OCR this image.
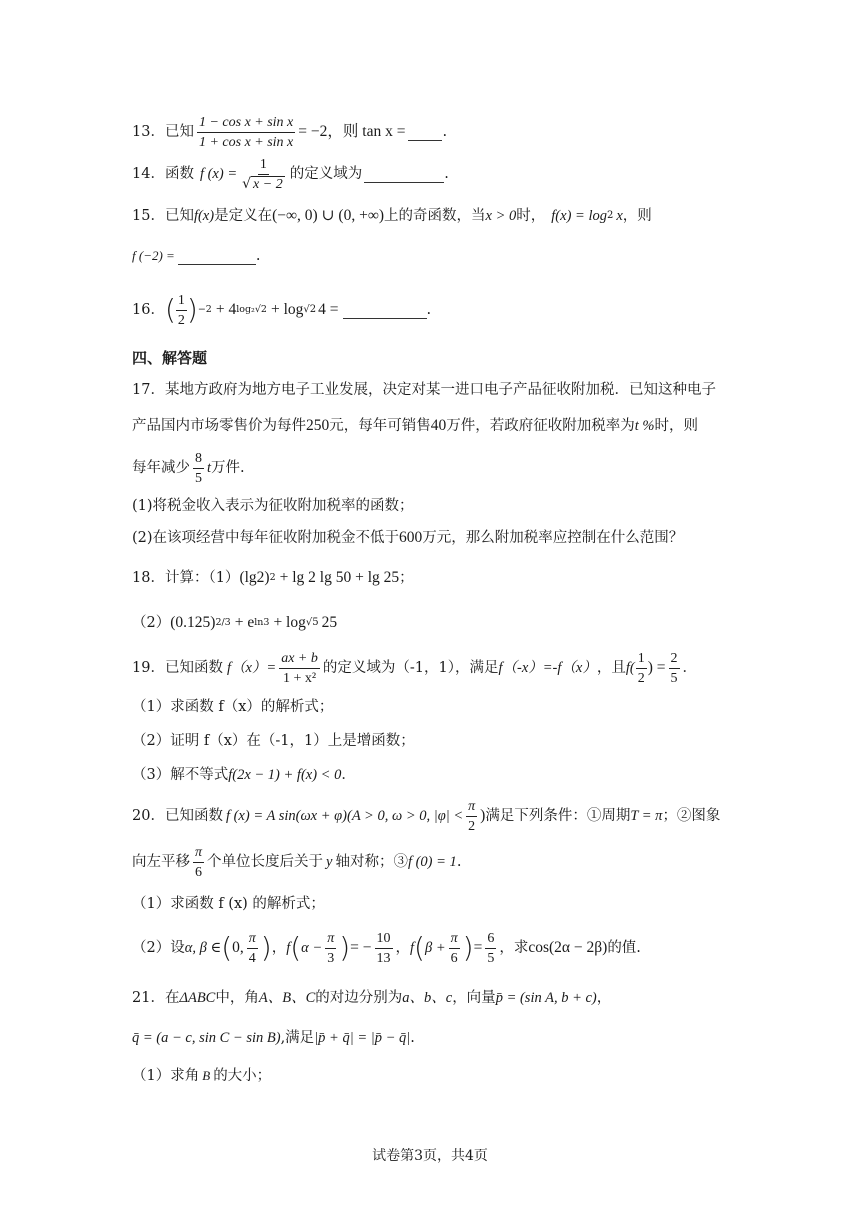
13． 已知 $\frac{\text{1 − cos x + sin x}}{\text{1 + cos x + sin x}} = -2$ ，则 tan x =	.
14． 函数 f $(x) = \frac{1}{√ x - 2}$ 的定义域为	.
15． 已知 f(x) 是定义在 (−∞, 0) ∪ (0, +∞) 上的奇函数，当 x > 0 时， f(x) = log 2 x ，则
f (−2) =	.
16． ( $\frac{1}{2}$ ) −2 + 4 log₂√2 + log √2 4 =	.
四、解答题
17．某地方政府为地方电子工业发展，决定对某一进口电子产品征收附加税．已知这种电子
产品国内市场零售价为每件 250 元，每年可销售 40 万件，若政府征收附加税率为 t % 时，则
每年减少 $\frac{8}{5}$ t 万件.
(1)将税金收入表示为征收附加税率的函数；
(2)在该项经营中每年征收附加税金不低于 600 万元，那么附加税率应控制在什么范围？
18． 计算：（1） (lg2) 2 + lg 2 lg 50 + lg 25 ；
（2） (0.125) 2/3 + e ln3 + log √5 25
19． 已知函数 $f(x)= \frac{ax + b}{\text{1 + x²}}$ 的定义域为（-1，1），满足 f（-x）=-f（x） ，且 $f( \frac{1}{2}$ ) = $\frac{2}{5}$ ．
（1）求函数 f（x）的解析式；
（2）证明 f（x）在（-1，1）上是增函数；
（3）解不等式 f(2x − 1) + f(x) < 0 ．
20． 已知函数 f (x) = A sin(ωx + φ)(A > 0, ω > 0, $|\varphi| < \frac{\pi}{2}$ ) 满足下列条件：①周期 T = π ；②图象
向左平移 $\frac{\pi}{6}$ 个单位长度后关于 y 轴对称；③ f (0) = 1 .
（1）求函数 f (x) 的解析式；
（2）设 α, β ∈ ( 0, $\frac{\pi}{4}$ ) ， f ( $\alpha - \frac{\pi}{3}$ ) = − $\frac{10}{13}$ ， f ( $\beta + \frac{\pi}{6}$ ) = $\frac{6}{5}$ ，求 cos(2α − 2β) 的值.
21．在 ΔABC 中，角 A、B、C 的对边分别为 a、b、c ，向量 p̄ = (sin A, b + c) ，
q̄ = (a − c, sin C − sin B) ,满足 |p̄ + q̄| = |p̄ − q̄| .
（1）求角 B 的大小；
试卷第3页，共4页
